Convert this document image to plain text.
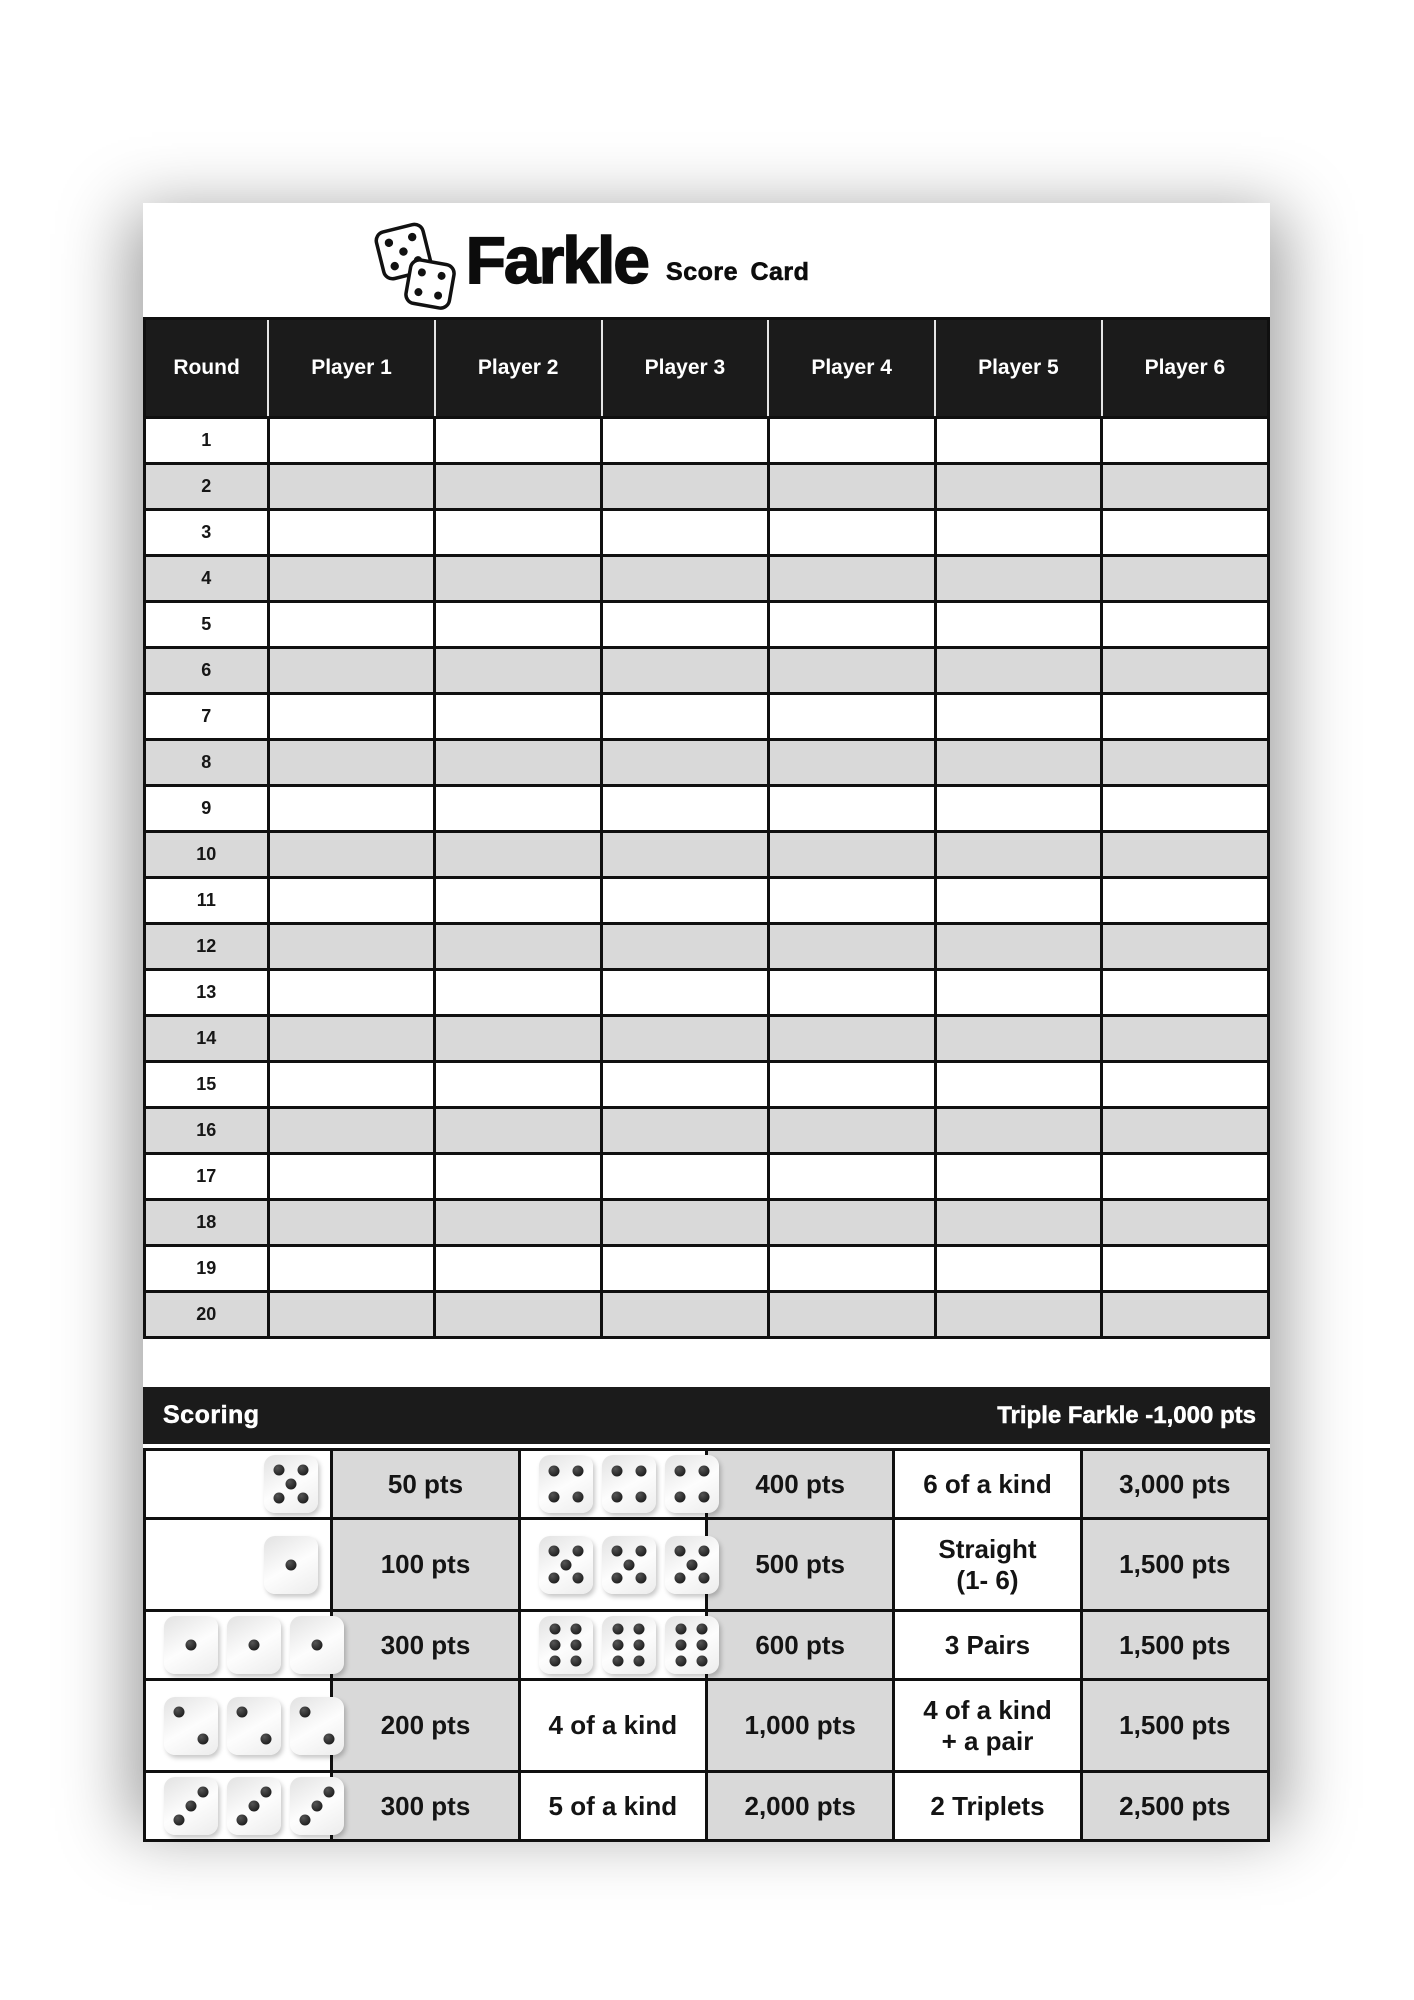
Farkle Score Card
Round	Player 1	Player 2	Player 3	Player 4	Player 5	Player 6
1						
2						
3						
4						
5						
6						
7						
8						
9						
10						
11						
12						
13						
14						
15						
16						
17						
18						
19						
20						
Scoring	Triple Farkle -1,000 pts
	50 pts		400 pts	6 of a kind	3,000 pts

	100 pts		500 pts	Straight
(1- 6)	1,500 pts

	300 pts		600 pts	3 Pairs	1,500 pts

	200 pts	4 of a kind	1,000 pts	4 of a kind
+ a pair	1,500 pts

	300 pts	5 of a kind	2,000 pts	2 Triplets	2,500 pts
